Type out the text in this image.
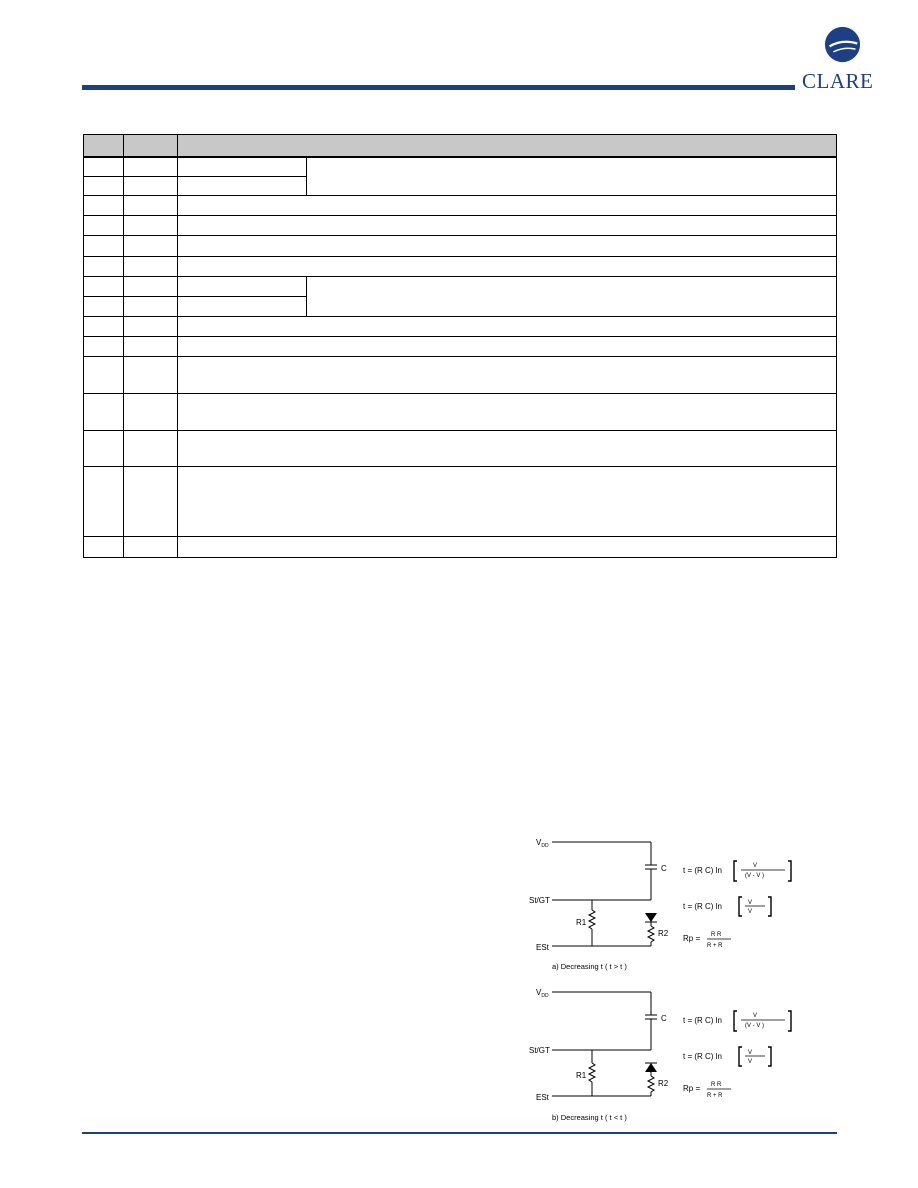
CLARE

$V_{DD}$
C
St/GT
R1
R2
ESt
t = (R C) ln	V
(V - V )
t = (R C) ln	V
V
Rp = R R
R + R
a) Decreasing t ( t > t )
$V_{DD}$
C
St/GT
R1
R2
ESt
t = (R C) ln	V
(V - V )
t = (R C) ln	V
V
Rp = R R
R + R
b) Decreasing t ( t < t )
